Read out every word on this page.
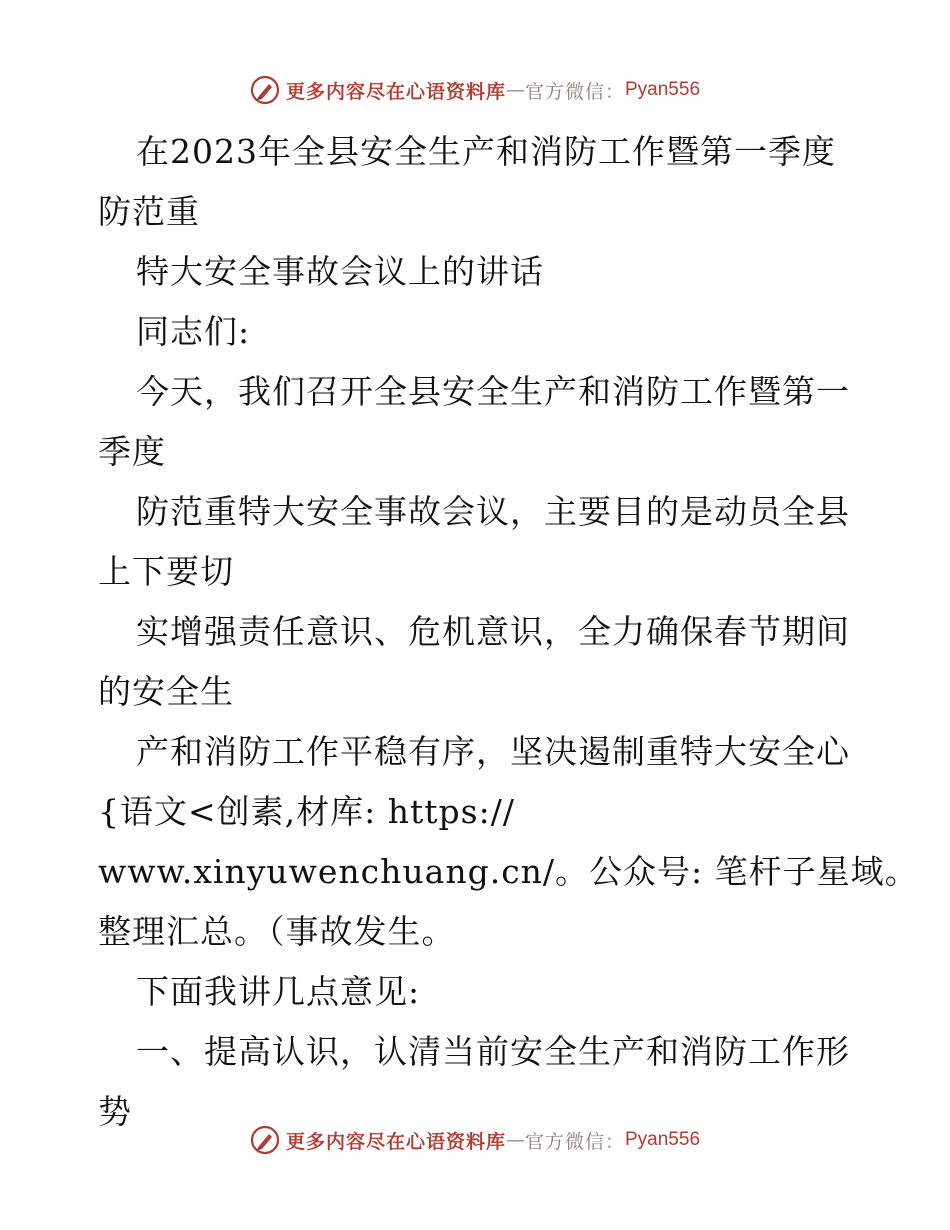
更多内容尽在心语资料库 — 官方微信： Pyan556
在2023年全县安全生产和消防工作暨第一季度
防范重
特大安全事故会议上的讲话
同志们:
今天，我们召开全县安全生产和消防工作暨第一
季度
防范重特大安全事故会议，主要目的是动员全县
上下要切
实增强责任意识、危机意识，全力确保春节期间
的安全生
产和消防工作平稳有序，坚决遏制重特大安全心
{语文<创素,材库: https://
www.xinyuwenchuang.cn/。公众号: 笔杆子星域。
整理汇总。（事故发生。
下面我讲几点意见:
一、提高认识，认清当前安全生产和消防工作形
势
更多内容尽在心语资料库 — 官方微信： Pyan556
